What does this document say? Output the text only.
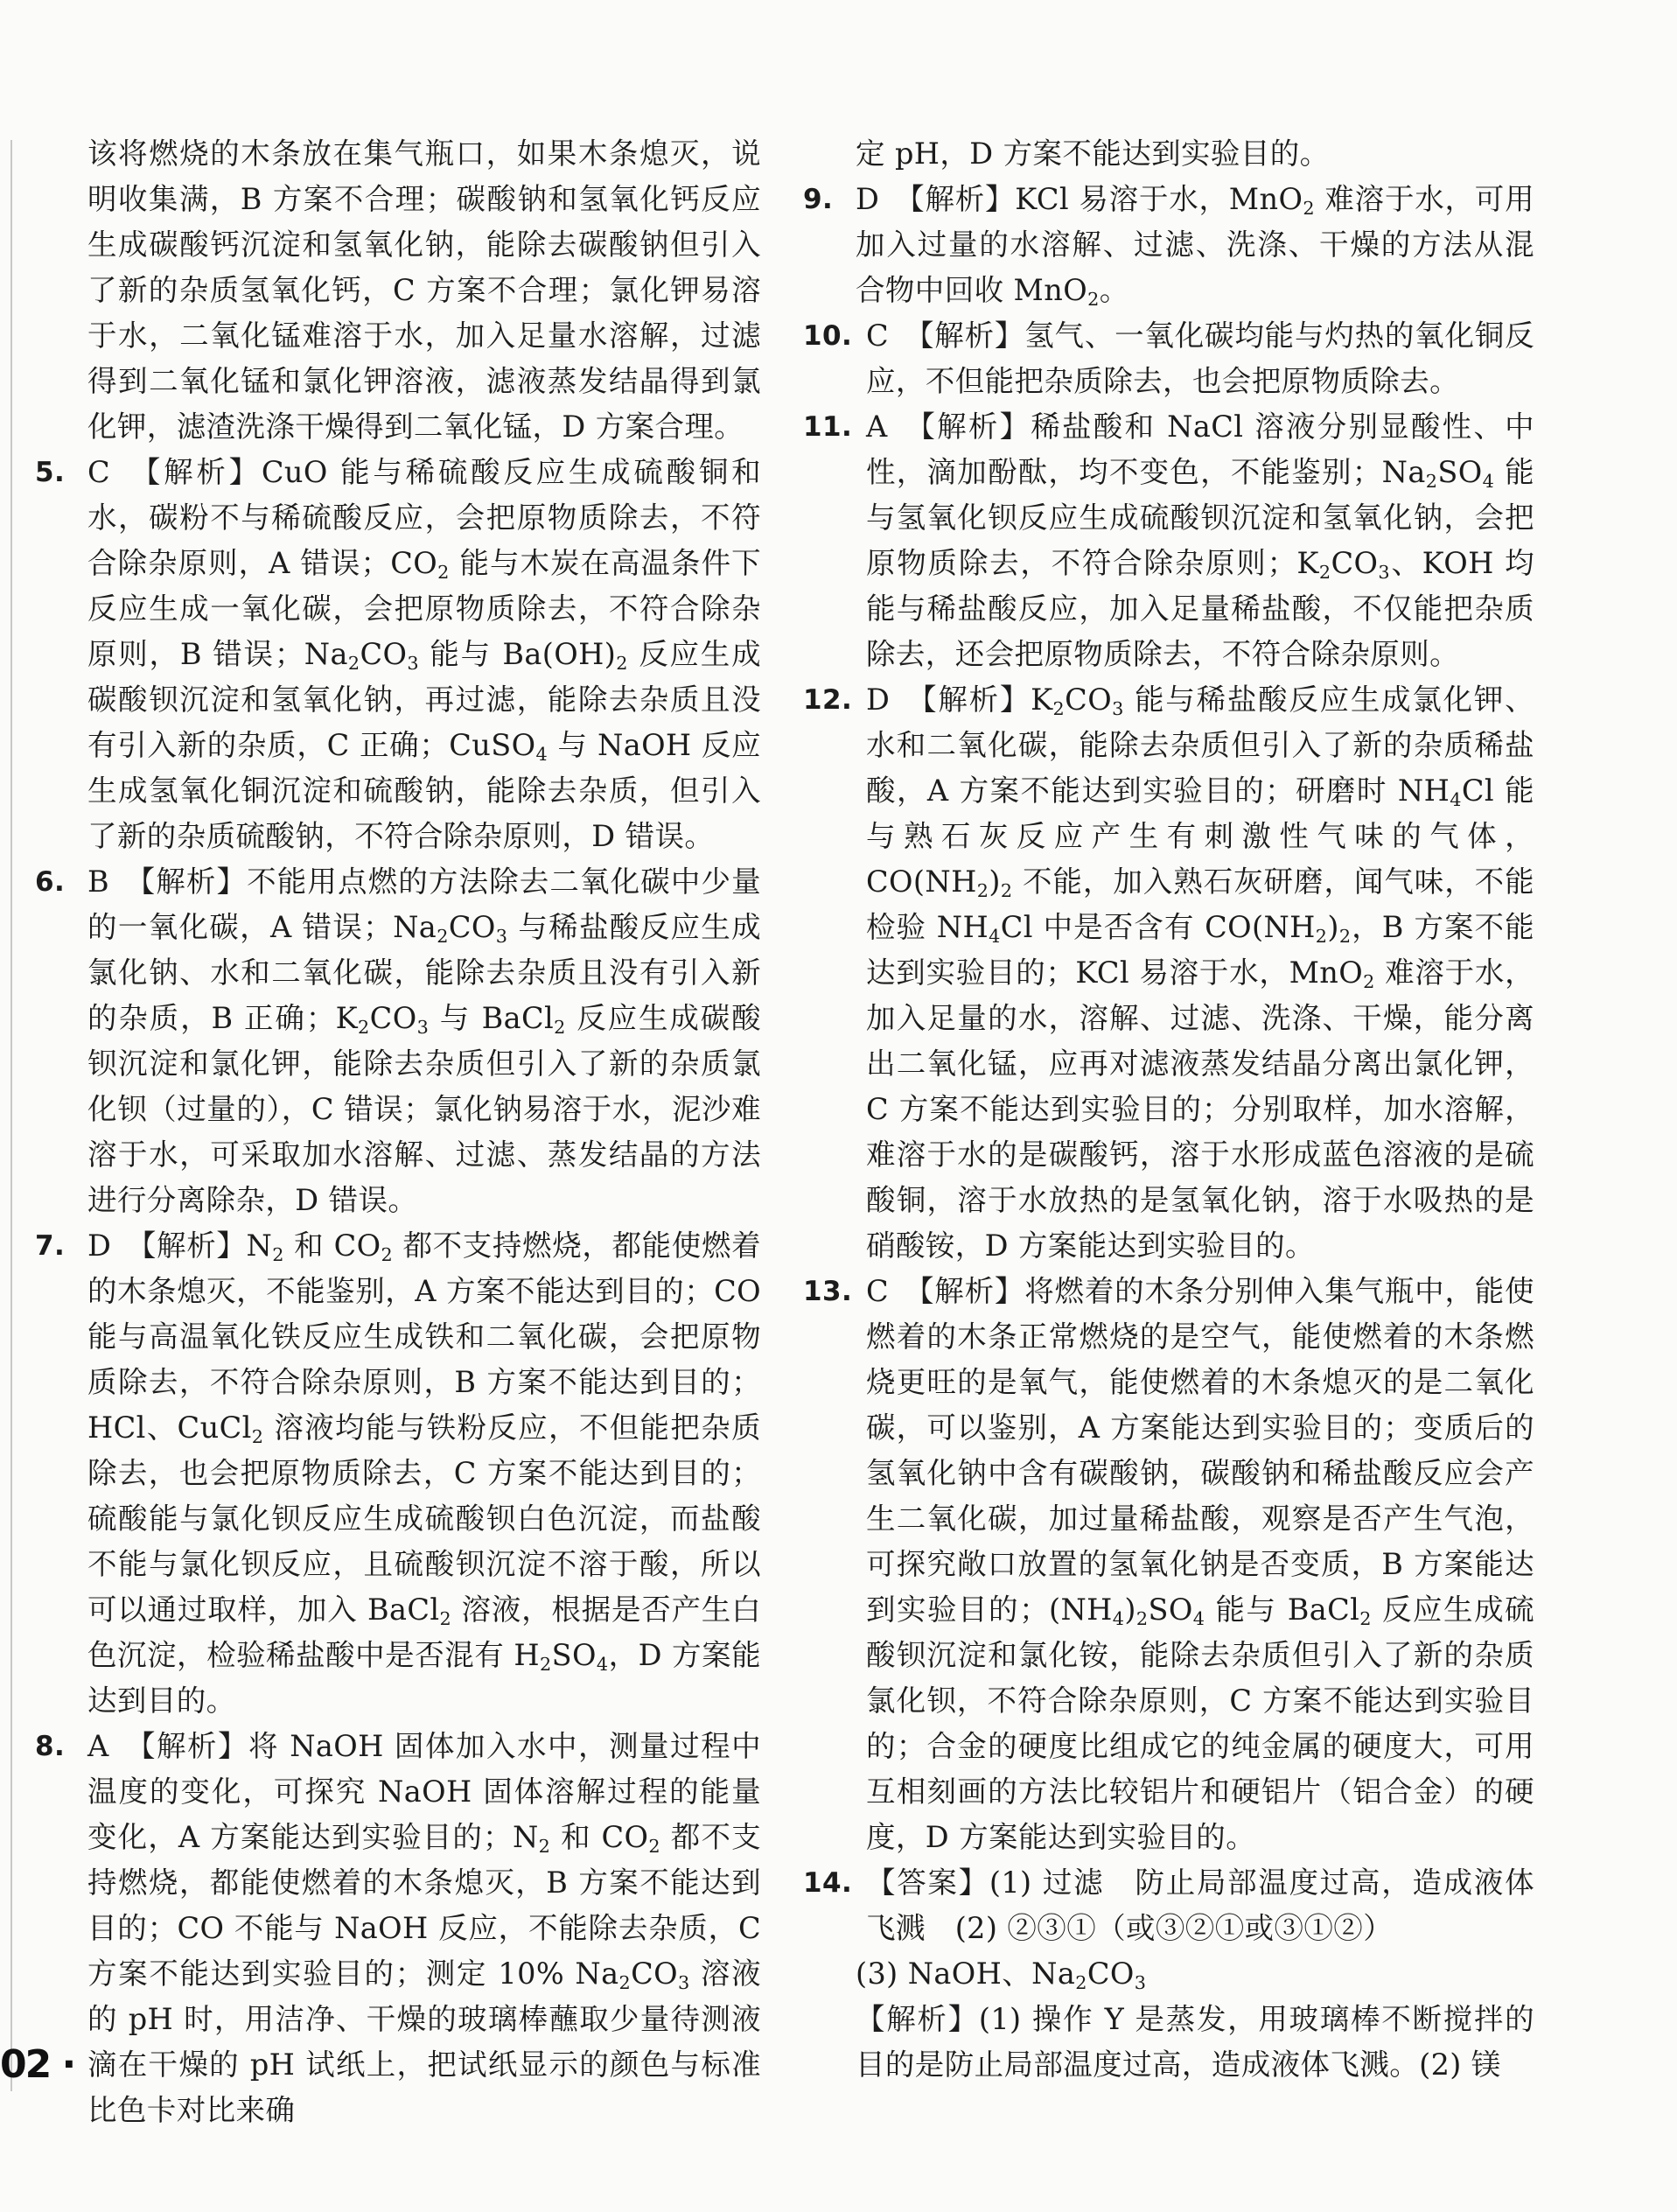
该将燃烧的木条放在集气瓶口，如果木条熄灭，说明收集满，B 方案不合理；碳酸钠和氢氧化钙反应生成碳酸钙沉淀和氢氧化钠，能除去碳酸钠但引入了新的杂质氢氧化钙，C 方案不合理；氯化钾易溶于水，二氧化锰难溶于水，加入足量水溶解，过滤得到二氧化锰和氯化钾溶液，滤液蒸发结晶得到氯化钾，滤渣洗涤干燥得到二氧化锰，D 方案合理。
5. C　【解析】CuO 能与稀硫酸反应生成硫酸铜和水，碳粉不与稀硫酸反应，会把原物质除去，不符合除杂原则，A 错误；$CO_2$ 能与木炭在高温条件下反应生成一氧化碳，会把原物质除去，不符合除杂原则，B 错误；$Na_2CO_3$ 能与 $Ba(OH)_2$ 反应生成碳酸钡沉淀和氢氧化钠，再过滤，能除去杂质且没有引入新的杂质，C 正确；CuSO$_4$ 与 NaOH 反应生成氢氧化铜沉淀和硫酸钠，能除去杂质，但引入了新的杂质硫酸钠，不符合除杂原则，D 错误。
6. B　【解析】不能用点燃的方法除去二氧化碳中少量的一氧化碳，A 错误；$Na_2CO_3$ 与稀盐酸反应生成氯化钠、水和二氧化碳，能除去杂质且没有引入新的杂质，B 正确；$K_2CO_3$ 与 BaCl$_2$ 反应生成碳酸钡沉淀和氯化钾，能除去杂质但引入了新的杂质氯化钡（过量的），C 错误；氯化钠易溶于水，泥沙难溶于水，可采取加水溶解、过滤、蒸发结晶的方法进行分离除杂，D 错误。
7. D　【解析】$N_2$ 和 $CO_2$ 都不支持燃烧，都能使燃着的木条熄灭，不能鉴别，A 方案不能达到目的；CO 能与高温氧化铁反应生成铁和二氧化碳，会把原物质除去，不符合除杂原则，B 方案不能达到目的；HCl、CuCl$_2$ 溶液均能与铁粉反应，不但能把杂质除去，也会把原物质除去，C 方案不能达到目的；硫酸能与氯化钡反应生成硫酸钡白色沉淀，而盐酸不能与氯化钡反应，且硫酸钡沉淀不溶于酸，所以可以通过取样，加入 BaCl$_2$ 溶液，根据是否产生白色沉淀，检验稀盐酸中是否混有 $H_2SO_4$，D 方案能达到目的。
8. A　【解析】将 NaOH 固体加入水中，测量过程中温度的变化，可探究 NaOH 固体溶解过程的能量变化，A 方案能达到实验目的；$N_2$ 和 $CO_2$ 都不支持燃烧，都能使燃着的木条熄灭，B 方案不能达到目的；CO 不能与 NaOH 反应，不能除去杂质，C 方案不能达到实验目的；测定 10% $Na_2CO_3$ 溶液的 pH 时，用洁净、干燥的玻璃棒蘸取少量待测液滴在干燥的 pH 试纸上，把试纸显示的颜色与标准比色卡对比来确
定 pH，D 方案不能达到实验目的。
9. D　【解析】KCl 易溶于水，MnO$_2$ 难溶于水，可用加入过量的水溶解、过滤、洗涤、干燥的方法从混合物中回收 MnO$_2$。
10. C　【解析】氢气、一氧化碳均能与灼热的氧化铜反应，不但能把杂质除去，也会把原物质除去。
11. A　【解析】稀盐酸和 NaCl 溶液分别显酸性、中性，滴加酚酞，均不变色，不能鉴别；$Na_2SO_4$ 能与氢氧化钡反应生成硫酸钡沉淀和氢氧化钠，会把原物质除去，不符合除杂原则；$K_2CO_3$、KOH 均能与稀盐酸反应，加入足量稀盐酸，不仅能把杂质除去，还会把原物质除去，不符合除杂原则。
12. D　【解析】$K_2CO_3$ 能与稀盐酸反应生成氯化钾、水和二氧化碳，能除去杂质但引入了新的杂质稀盐酸，A 方案不能达到实验目的；研磨时 $NH_4Cl$ 能与熟石灰反应产生有刺激性气味的气体，$CO(NH_2)_2$ 不能，加入熟石灰研磨，闻气味，不能检验 $NH_4Cl$ 中是否含有 $CO(NH_2)_2$，B 方案不能达到实验目的；KCl 易溶于水，MnO$_2$ 难溶于水，加入足量的水，溶解、过滤、洗涤、干燥，能分离出二氧化锰，应再对滤液蒸发结晶分离出氯化钾，C 方案不能达到实验目的；分别取样，加水溶解，难溶于水的是碳酸钙，溶于水形成蓝色溶液的是硫酸铜，溶于水放热的是氢氧化钠，溶于水吸热的是硝酸铵，D 方案能达到实验目的。
13. C　【解析】将燃着的木条分别伸入集气瓶中，能使燃着的木条正常燃烧的是空气，能使燃着的木条燃烧更旺的是氧气，能使燃着的木条熄灭的是二氧化碳，可以鉴别，A 方案能达到实验目的；变质后的氢氧化钠中含有碳酸钠，碳酸钠和稀盐酸反应会产生二氧化碳，加过量稀盐酸，观察是否产生气泡，可探究敞口放置的氢氧化钠是否变质，B 方案能达到实验目的；$(NH_4)_2SO_4$ 能与 BaCl$_2$ 反应生成硫酸钡沉淀和氯化铵，能除去杂质但引入了新的杂质氯化钡，不符合除杂原则，C 方案不能达到实验目的；合金的硬度比组成它的纯金属的硬度大，可用互相刻画的方法比较铝片和硬铝片（铝合金）的硬度，D 方案能达到实验目的。
14. 【答案】(1) 过滤　防止局部温度过高，造成液体飞溅　(2) ②③①（或③②①或③①②）
(3) NaOH、$Na_2CO_3$
【解析】(1) 操作 Y 是蒸发，用玻璃棒不断搅拌的目的是防止局部温度过高，造成液体飞溅。(2) 镁
02 ·
